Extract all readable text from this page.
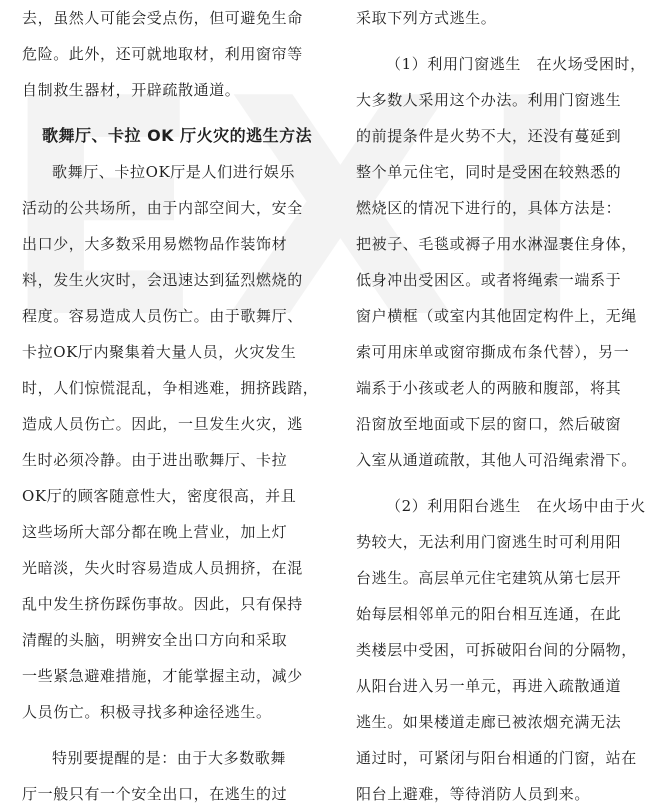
去，虽然人可能会受点伤，但可避免生命
危险。此外，还可就地取材，利用窗帘等
自制救生器材，开辟疏散通道。
歌舞厅、卡拉 OK 厅火灾的逃生方法
歌舞厅、卡拉OK厅是人们进行娱乐
活动的公共场所，由于内部空间大，安全
出口少，大多数采用易燃物品作装饰材
料，发生火灾时，会迅速达到猛烈燃烧的
程度。容易造成人员伤亡。由于歌舞厅、
卡拉OK厅内聚集着大量人员，火灾发生
时，人们惊慌混乱，争相逃难，拥挤践踏，
造成人员伤亡。因此，一旦发生火灾，逃
生时必须冷静。由于进出歌舞厅、卡拉
OK厅的顾客随意性大，密度很高，并且
这些场所大部分都在晚上营业，加上灯
光暗淡，失火时容易造成人员拥挤，在混
乱中发生挤伤踩伤事故。因此，只有保持
清醒的头脑，明辨安全出口方向和采取
一些紧急避难措施，才能掌握主动，减少
人员伤亡。积极寻找多种途径逃生。
特别要提醒的是：由于大多数歌舞
厅一般只有一个安全出口，在逃生的过
采取下列方式逃生。
（1）利用门窗逃生　在火场受困时，
大多数人采用这个办法。利用门窗逃生
的前提条件是火势不大，还没有蔓延到
整个单元住宅，同时是受困在较熟悉的
燃烧区的情况下进行的，具体方法是：
把被子、毛毯或褥子用水淋湿裹住身体，
低身冲出受困区。或者将绳索一端系于
窗户横框（或室内其他固定构件上，无绳
索可用床单或窗帘撕成布条代替），另一
端系于小孩或老人的两腋和腹部，将其
沿窗放至地面或下层的窗口，然后破窗
入室从通道疏散，其他人可沿绳索滑下。
（2）利用阳台逃生　在火场中由于火
势较大，无法利用门窗逃生时可利用阳
台逃生。高层单元住宅建筑从第七层开
始每层相邻单元的阳台相互连通，在此
类楼层中受困，可拆破阳台间的分隔物，
从阳台进入另一单元，再进入疏散通道
逃生。如果楼道走廊已被浓烟充满无法
通过时，可紧闭与阳台相通的门窗，站在
阳台上避难，等待消防人员到来。
